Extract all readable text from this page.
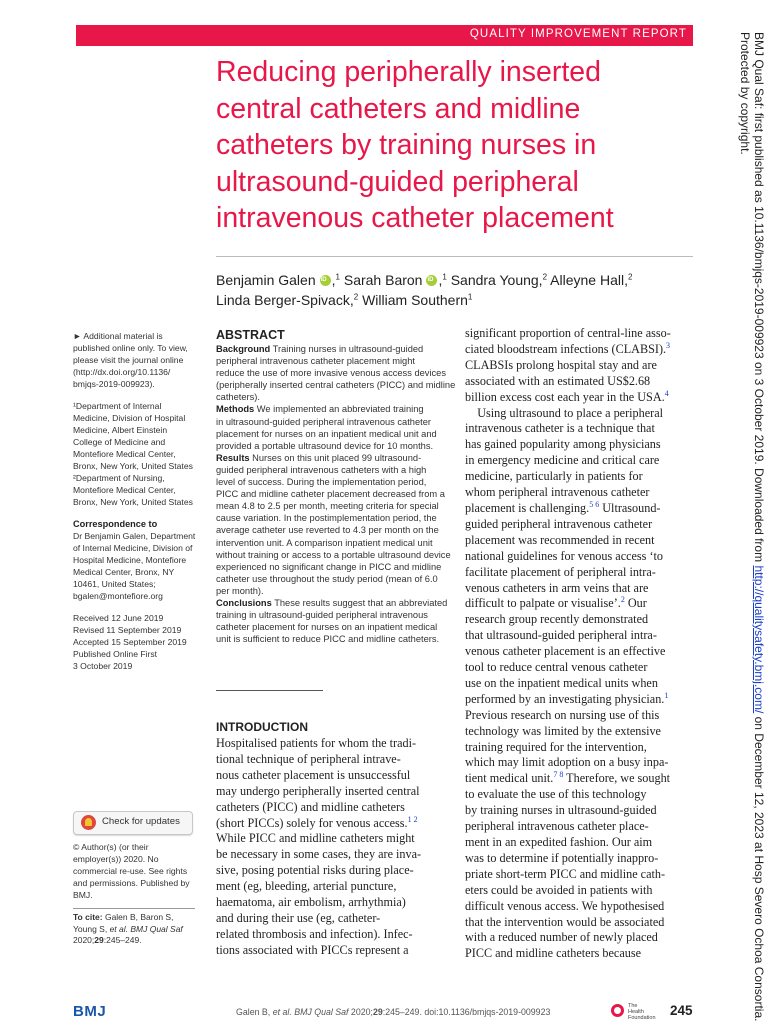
QUALITY IMPROVEMENT REPORT
Reducing peripherally inserted
central catheters and midline
catheters by training nurses in
ultrasound-guided peripheral
intravenous catheter placement
Benjamin Galen iD ,$^1$ Sarah Baron iD ,$^1$ Sandra Young,$^2$ Alleyne Hall,$^2$
Linda Berger-Spivack,$^2$ William Southern$^1$
► Additional material is
published online only. To view,
please visit the journal online
(http://dx.doi.org/10.1136/
bmjqs-2019-009923).
¹Department of Internal
Medicine, Division of Hospital
Medicine, Albert Einstein
College of Medicine and
Montefiore Medical Center,
Bronx, New York, United States
²Department of Nursing,
Montefiore Medical Center,
Bronx, New York, United States
Correspondence to
Dr Benjamin Galen, Department
of Internal Medicine, Division of
Hospital Medicine, Montefiore
Medical Center, Bronx, NY
10461, United States;
bgalen@montefiore.org
Received 12 June 2019
Revised 11 September 2019
Accepted 15 September 2019
Published Online First
3 October 2019
Check for updates
© Author(s) (or their
employer(s)) 2020. No
commercial re-use. See rights
and permissions. Published by
BMJ.
To cite: Galen B, Baron S,
Young S, et al. BMJ Qual Saf
2020;29:245–249.
ABSTRACT
Background Training nurses in ultrasound-guided
peripheral intravenous catheter placement might
reduce the use of more invasive venous access devices
(peripherally inserted central catheters (PICC) and midline
catheters).
Methods We implemented an abbreviated training
in ultrasound-guided peripheral intravenous catheter
placement for nurses on an inpatient medical unit and
provided a portable ultrasound device for 10 months.
Results Nurses on this unit placed 99 ultrasound-
guided peripheral intravenous catheters with a high
level of success. During the implementation period,
PICC and midline catheter placement decreased from a
mean 4.8 to 2.5 per month, meeting criteria for special
cause variation. In the postimplementation period, the
average catheter use reverted to 4.3 per month on the
intervention unit. A comparison inpatient medical unit
without training or access to a portable ultrasound device
experienced no significant change in PICC and midline
catheter use throughout the study period (mean of 6.0
per month).
Conclusions These results suggest that an abbreviated
training in ultrasound-guided peripheral intravenous
catheter placement for nurses on an inpatient medical
unit is sufficient to reduce PICC and midline catheters.
INTRODUCTION
Hospitalised patients for whom the tradi-
tional technique of peripheral intrave-
nous catheter placement is unsuccessful
may undergo peripherally inserted central
catheters (PICC) and midline catheters
(short PICCs) solely for venous access.$^{1 2}$
While PICC and midline catheters might
be necessary in some cases, they are inva-
sive, posing potential risks during place-
ment (eg, bleeding, arterial puncture,
haematoma, air embolism, arrhythmia)
and during their use (eg, catheter-
related thrombosis and infection). Infec-
tions associated with PICCs represent a
significant proportion of central-line asso-
ciated bloodstream infections (CLABSI).$^3$
CLABSIs prolong hospital stay and are
associated with an estimated US$2.68
billion excess cost each year in the USA.$^4$
Using ultrasound to place a peripheral
intravenous catheter is a technique that
has gained popularity among physicians
in emergency medicine and critical care
medicine, particularly in patients for
whom peripheral intravenous catheter
placement is challenging.$^{5 6}$ Ultrasound-
guided peripheral intravenous catheter
placement was recommended in recent
national guidelines for venous access ‘to
facilitate placement of peripheral intra-
venous catheters in arm veins that are
difficult to palpate or visualise’.$^2$ Our
research group recently demonstrated
that ultrasound-guided peripheral intra-
venous catheter placement is an effective
tool to reduce central venous catheter
use on the inpatient medical units when
performed by an investigating physician.$^1$
Previous research on nursing use of this
technology was limited by the extensive
training required for the intervention,
which may limit adoption on a busy inpa-
tient medical unit.$^{7 8}$ Therefore, we sought
to evaluate the use of this technology
by training nurses in ultrasound-guided
peripheral intravenous catheter place-
ment in an expedited fashion. Our aim
was to determine if potentially inappro-
priate short-term PICC and midline cath-
eters could be avoided in patients with
difficult venous access. We hypothesised
that the intervention would be associated
with a reduced number of newly placed
PICC and midline catheters because
BMJ Qual Saf: first published as 10.1136/bmjqs-2019-009923 on 3 October 2019. Downloaded from http://qualitysafety.bmj.com/ on December 12, 2023 at Hosp Severo Ochoa Consortia.
Protected by copyright.
BMJ	Galen B, et al. BMJ Qual Saf 2020;29:245–249. doi:10.1136/bmjqs-2019-009923
The
Health
Foundation 245
